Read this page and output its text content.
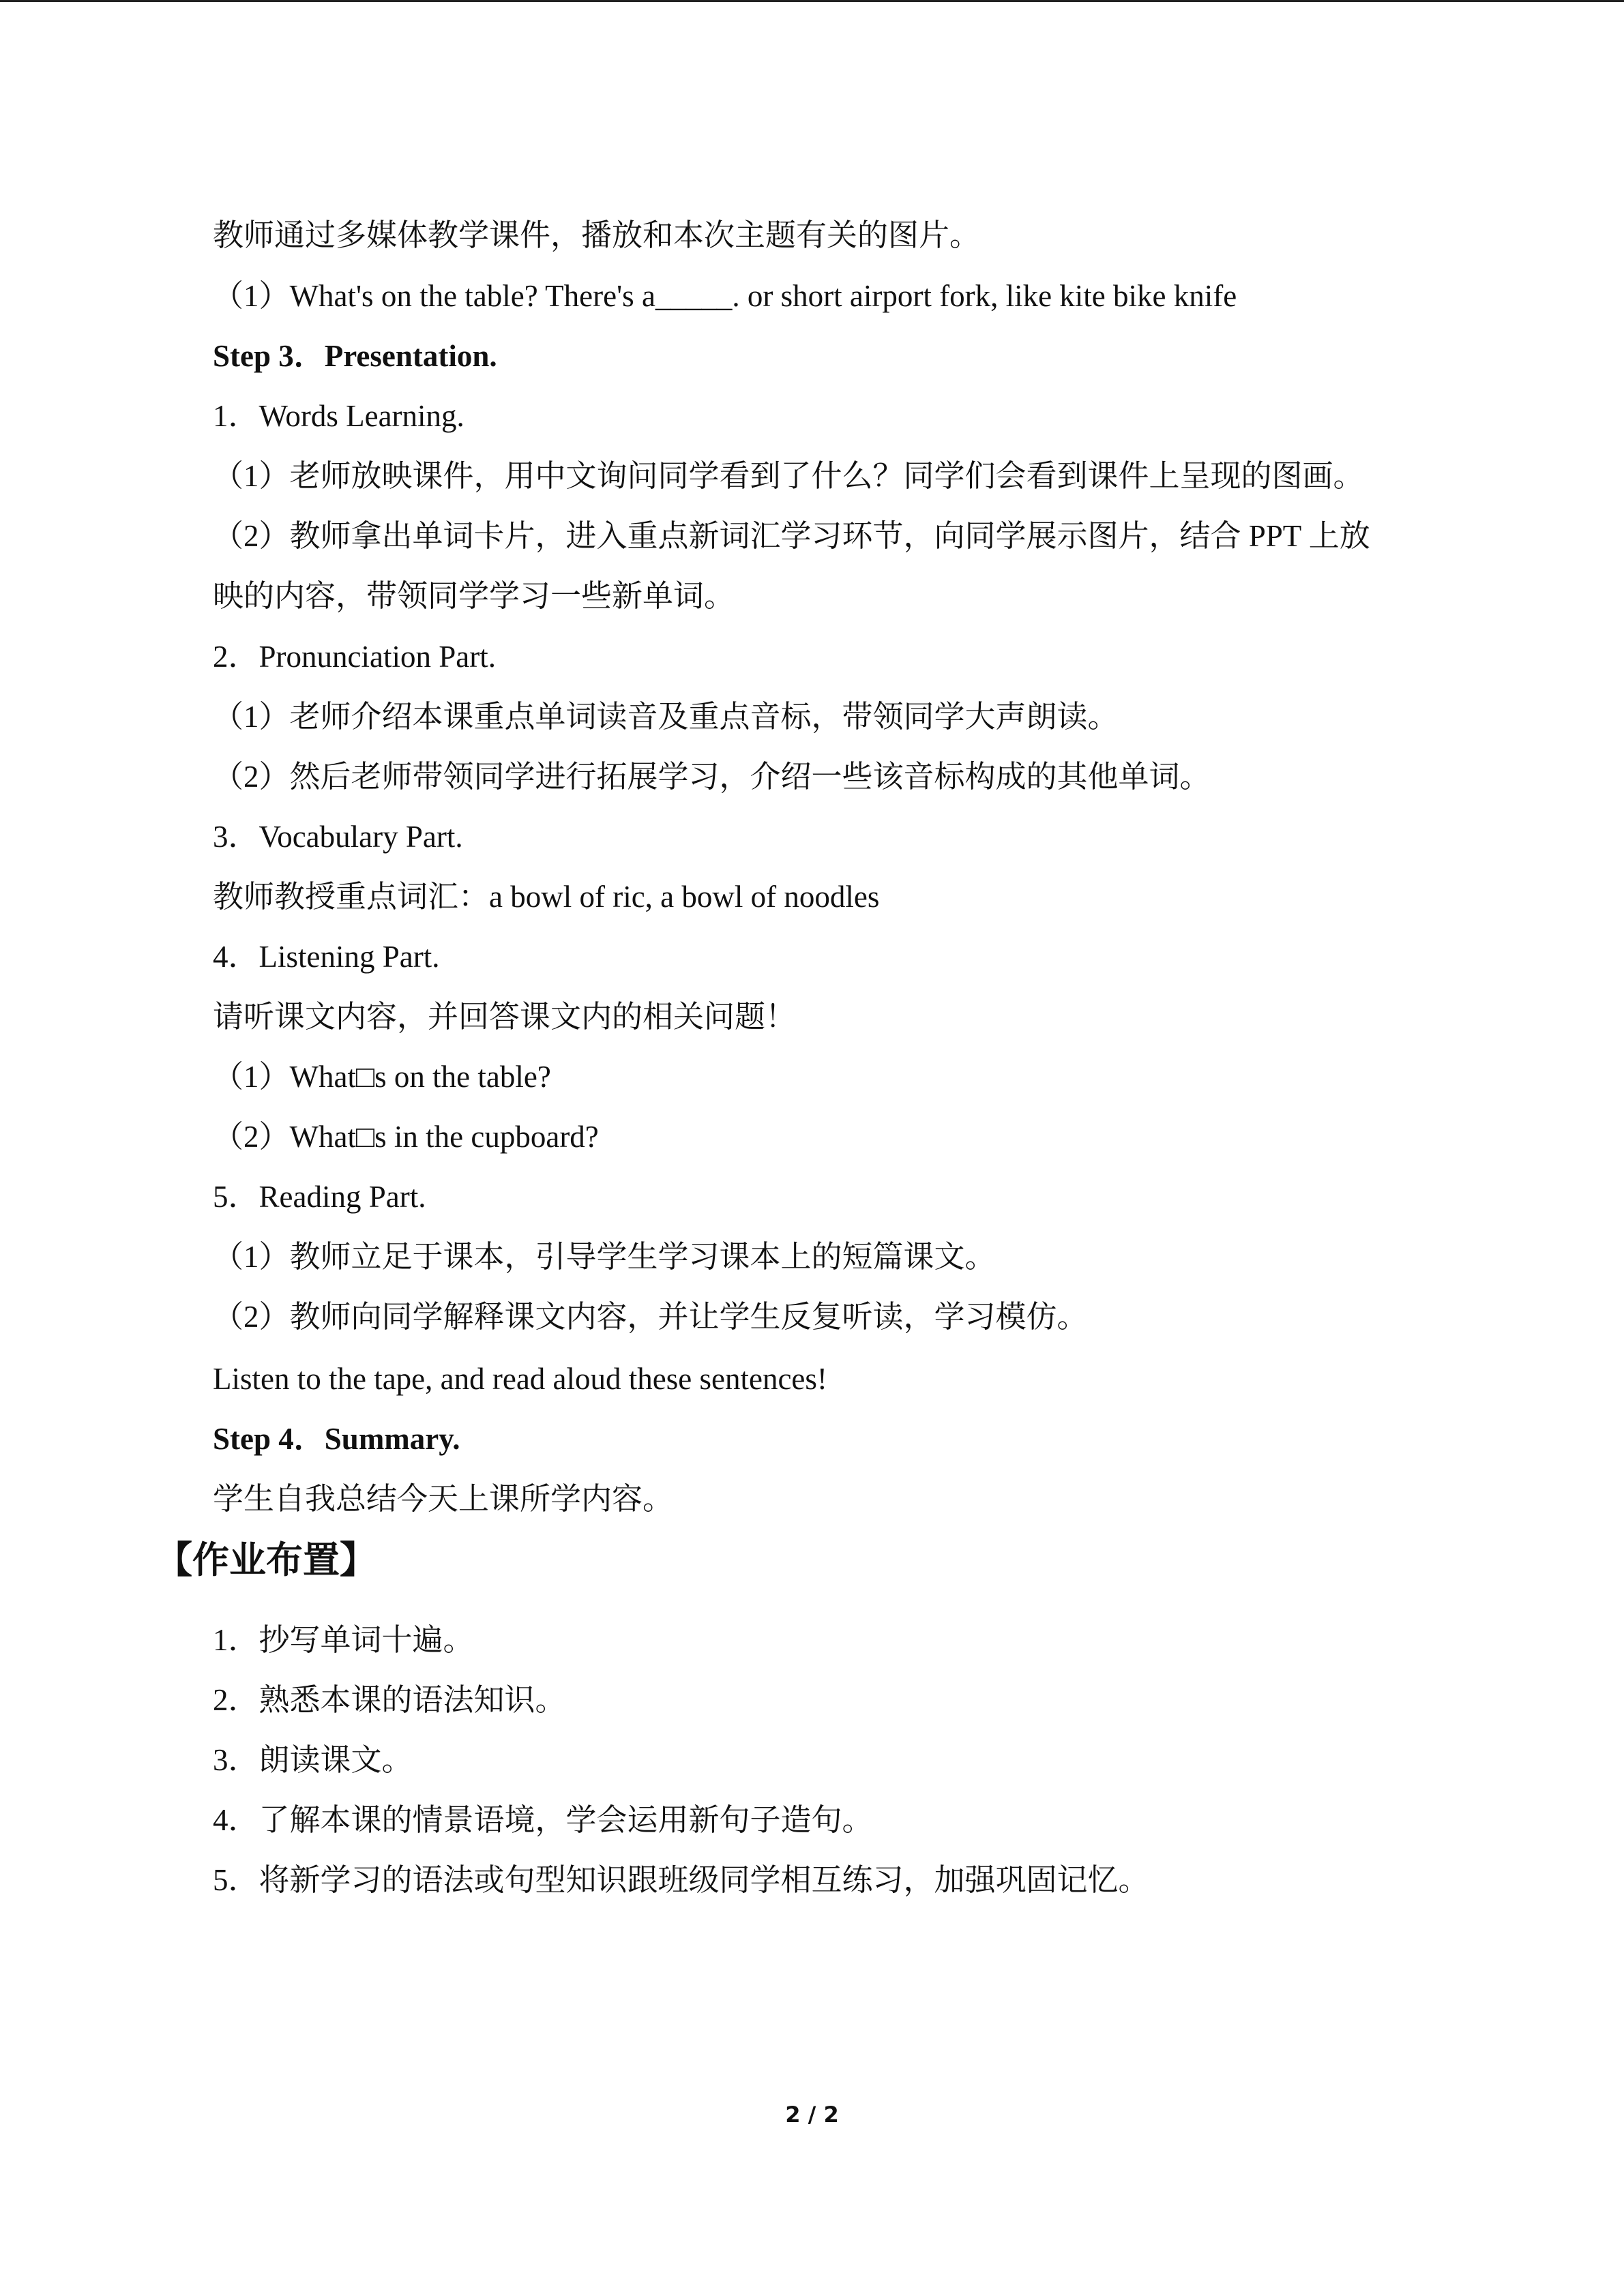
教师通过多媒体教学课件，播放和本次主题有关的图片。
（1）What's on the table? There's a_____. or short airport fork, like kite bike knife
Step 3．Presentation.
1．Words Learning.
（1）老师放映课件，用中文询问同学看到了什么？同学们会看到课件上呈现的图画。
（2）教师拿出单词卡片，进入重点新词汇学习环节，向同学展示图片，结合 PPT 上放
映的内容，带领同学学习一些新单词。
2．Pronunciation Part.
（1）老师介绍本课重点单词读音及重点音标，带领同学大声朗读。
（2）然后老师带领同学进行拓展学习，介绍一些该音标构成的其他单词。
3．Vocabulary Part.
教师教授重点词汇：a bowl of ric, a bowl of noodles
4．Listening Part.
请听课文内容，并回答课文内的相关问题！
（1）What□s on the table?
（2）What□s in the cupboard?
5．Reading Part.
（1）教师立足于课本，引导学生学习课本上的短篇课文。
（2）教师向同学解释课文内容，并让学生反复听读，学习模仿。
Listen to the tape, and read aloud these sentences!
Step 4．Summary.
学生自我总结今天上课所学内容。
【作业布置】
1．抄写单词十遍。
2．熟悉本课的语法知识。
3．朗读课文。
4．了解本课的情景语境，学会运用新句子造句。
5．将新学习的语法或句型知识跟班级同学相互练习，加强巩固记忆。
2 / 2
